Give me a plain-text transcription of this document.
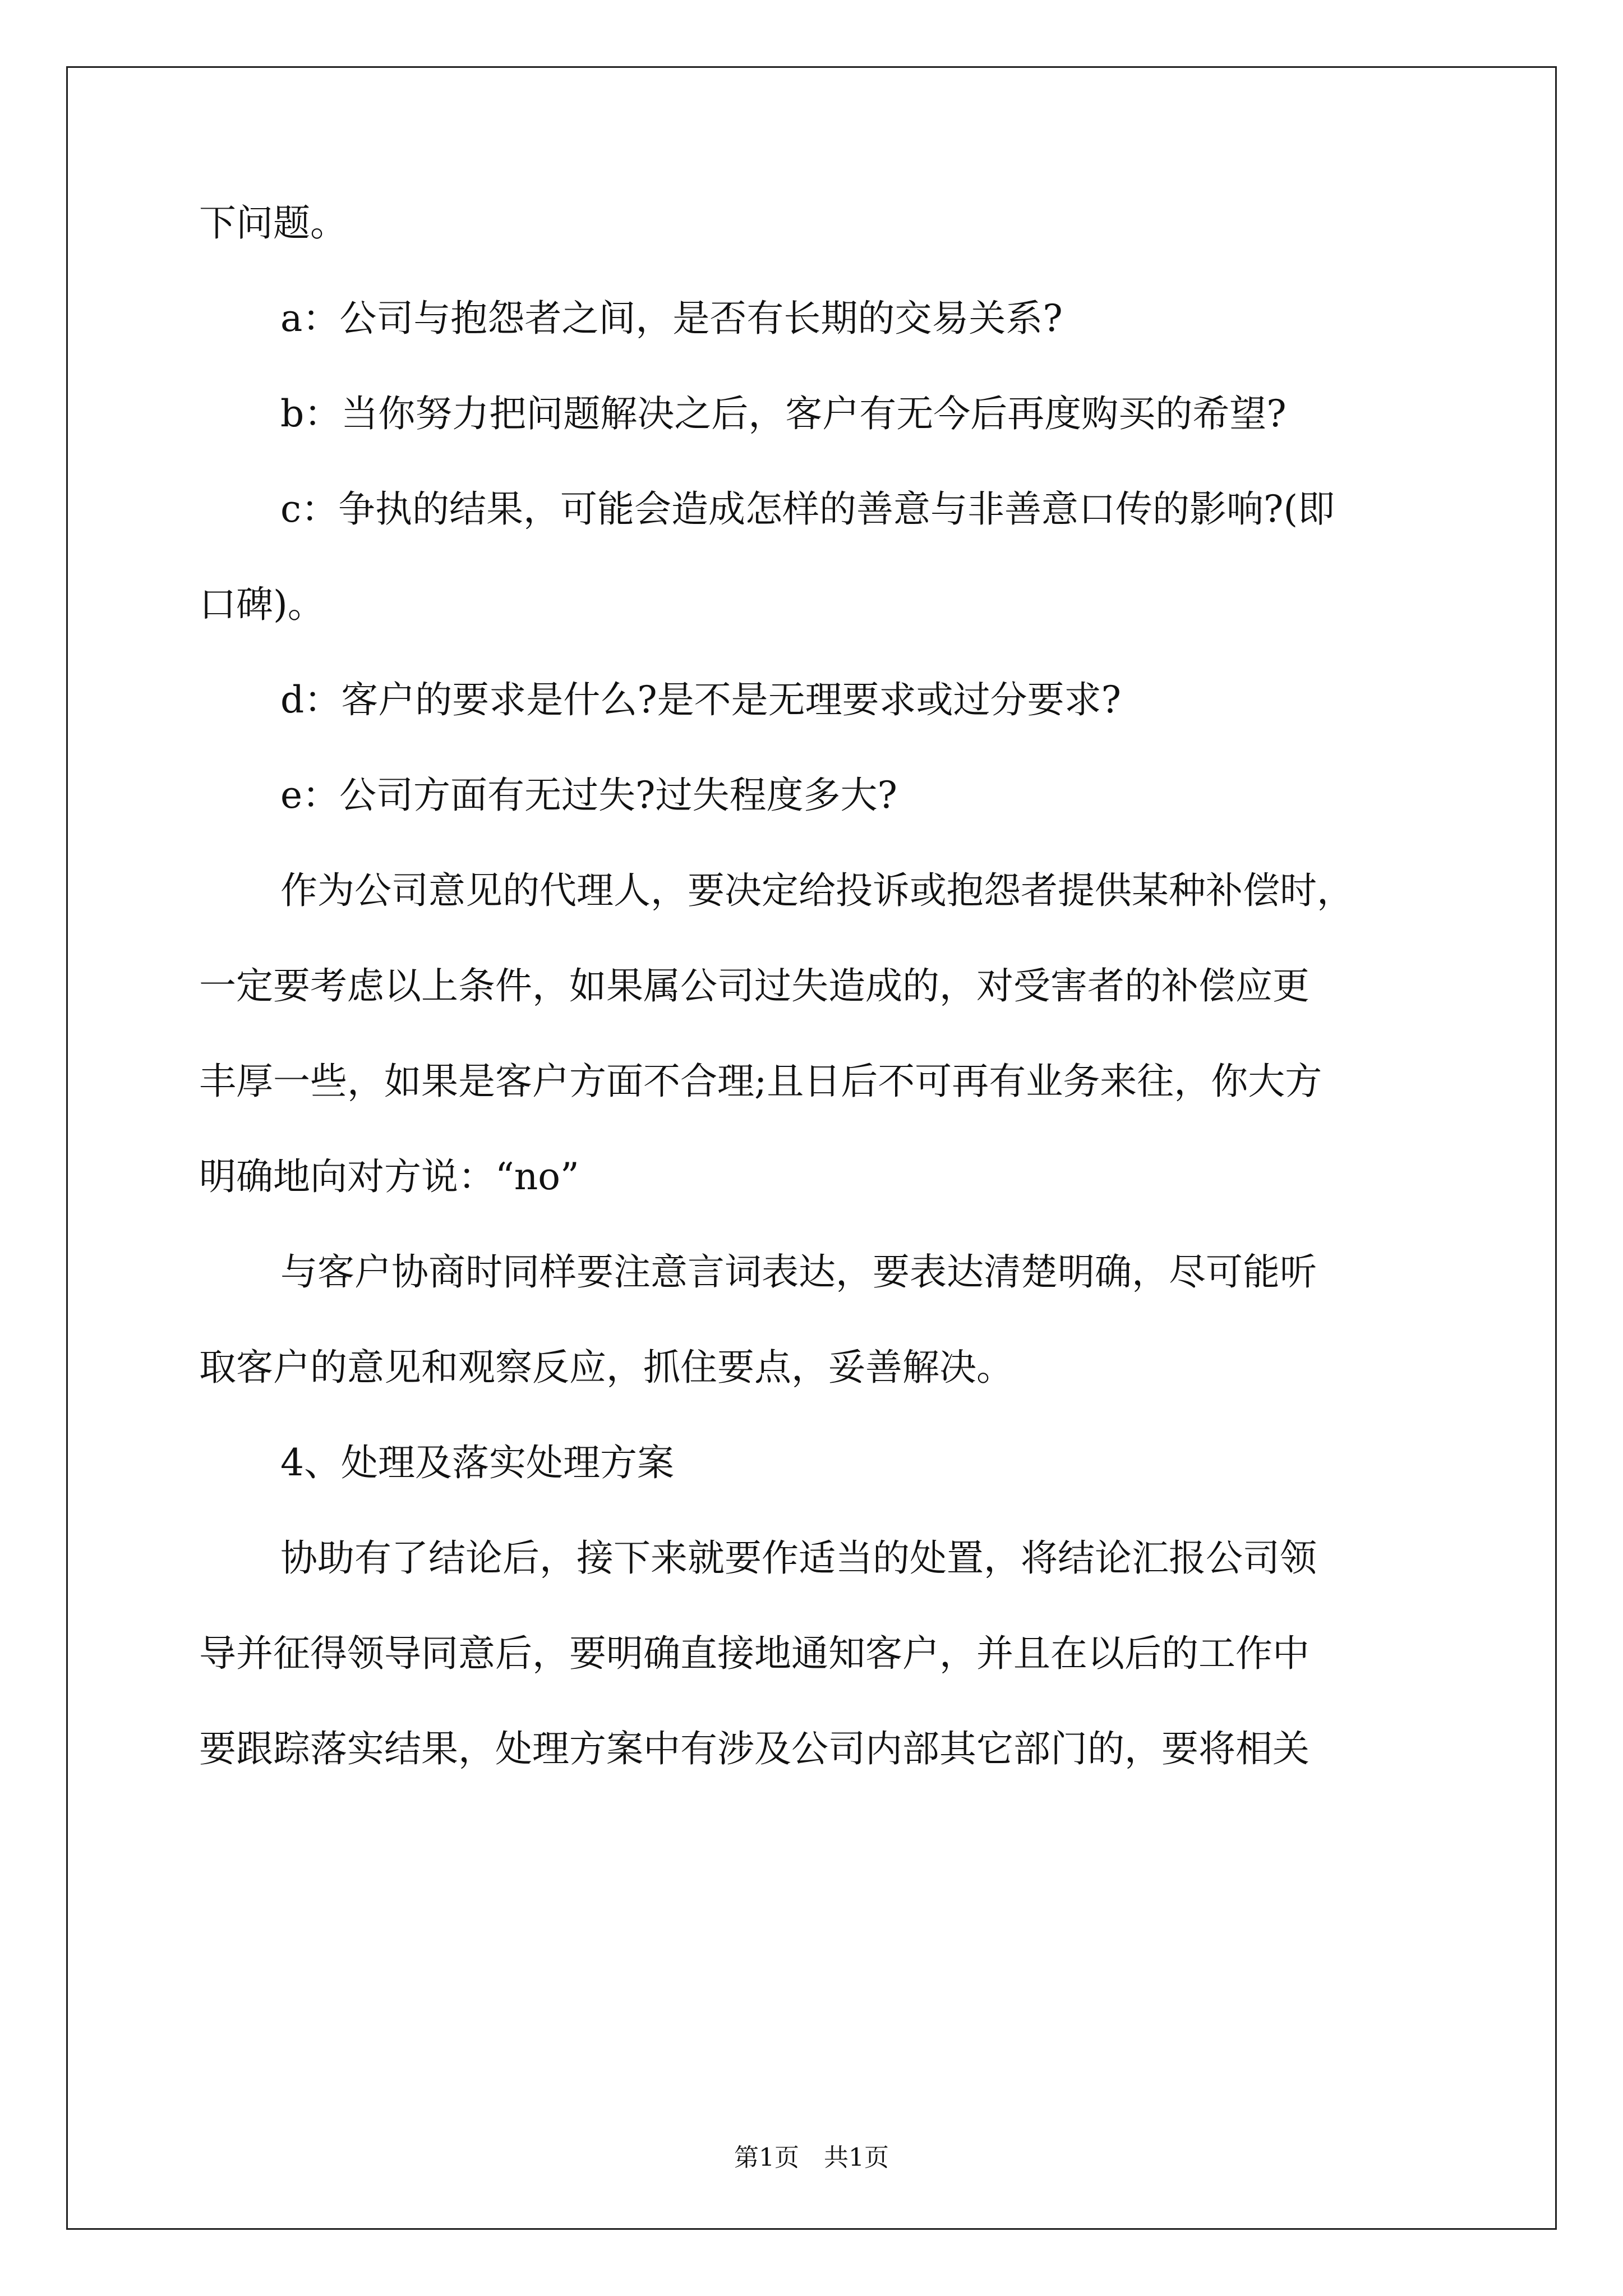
下问题。
a：公司与抱怨者之间，是否有长期的交易关系?
b：当你努力把问题解决之后，客户有无今后再度购买的希望?
c：争执的结果，可能会造成怎样的善意与非善意口传的影响?(即
口碑)。
d：客户的要求是什么?是不是无理要求或过分要求?
e：公司方面有无过失?过失程度多大?
作为公司意见的代理人，要决定给投诉或抱怨者提供某种补偿时，
一定要考虑以上条件，如果属公司过失造成的，对受害者的补偿应更
丰厚一些，如果是客户方面不合理;且日后不可再有业务来往，你大方
明确地向对方说：“no”
与客户协商时同样要注意言词表达，要表达清楚明确，尽可能听
取客户的意见和观察反应，抓住要点，妥善解决。
4、处理及落实处理方案
协助有了结论后，接下来就要作适当的处置，将结论汇报公司领
导并征得领导同意后，要明确直接地通知客户，并且在以后的工作中
要跟踪落实结果，处理方案中有涉及公司内部其它部门的，要将相关
第1页　共1页
